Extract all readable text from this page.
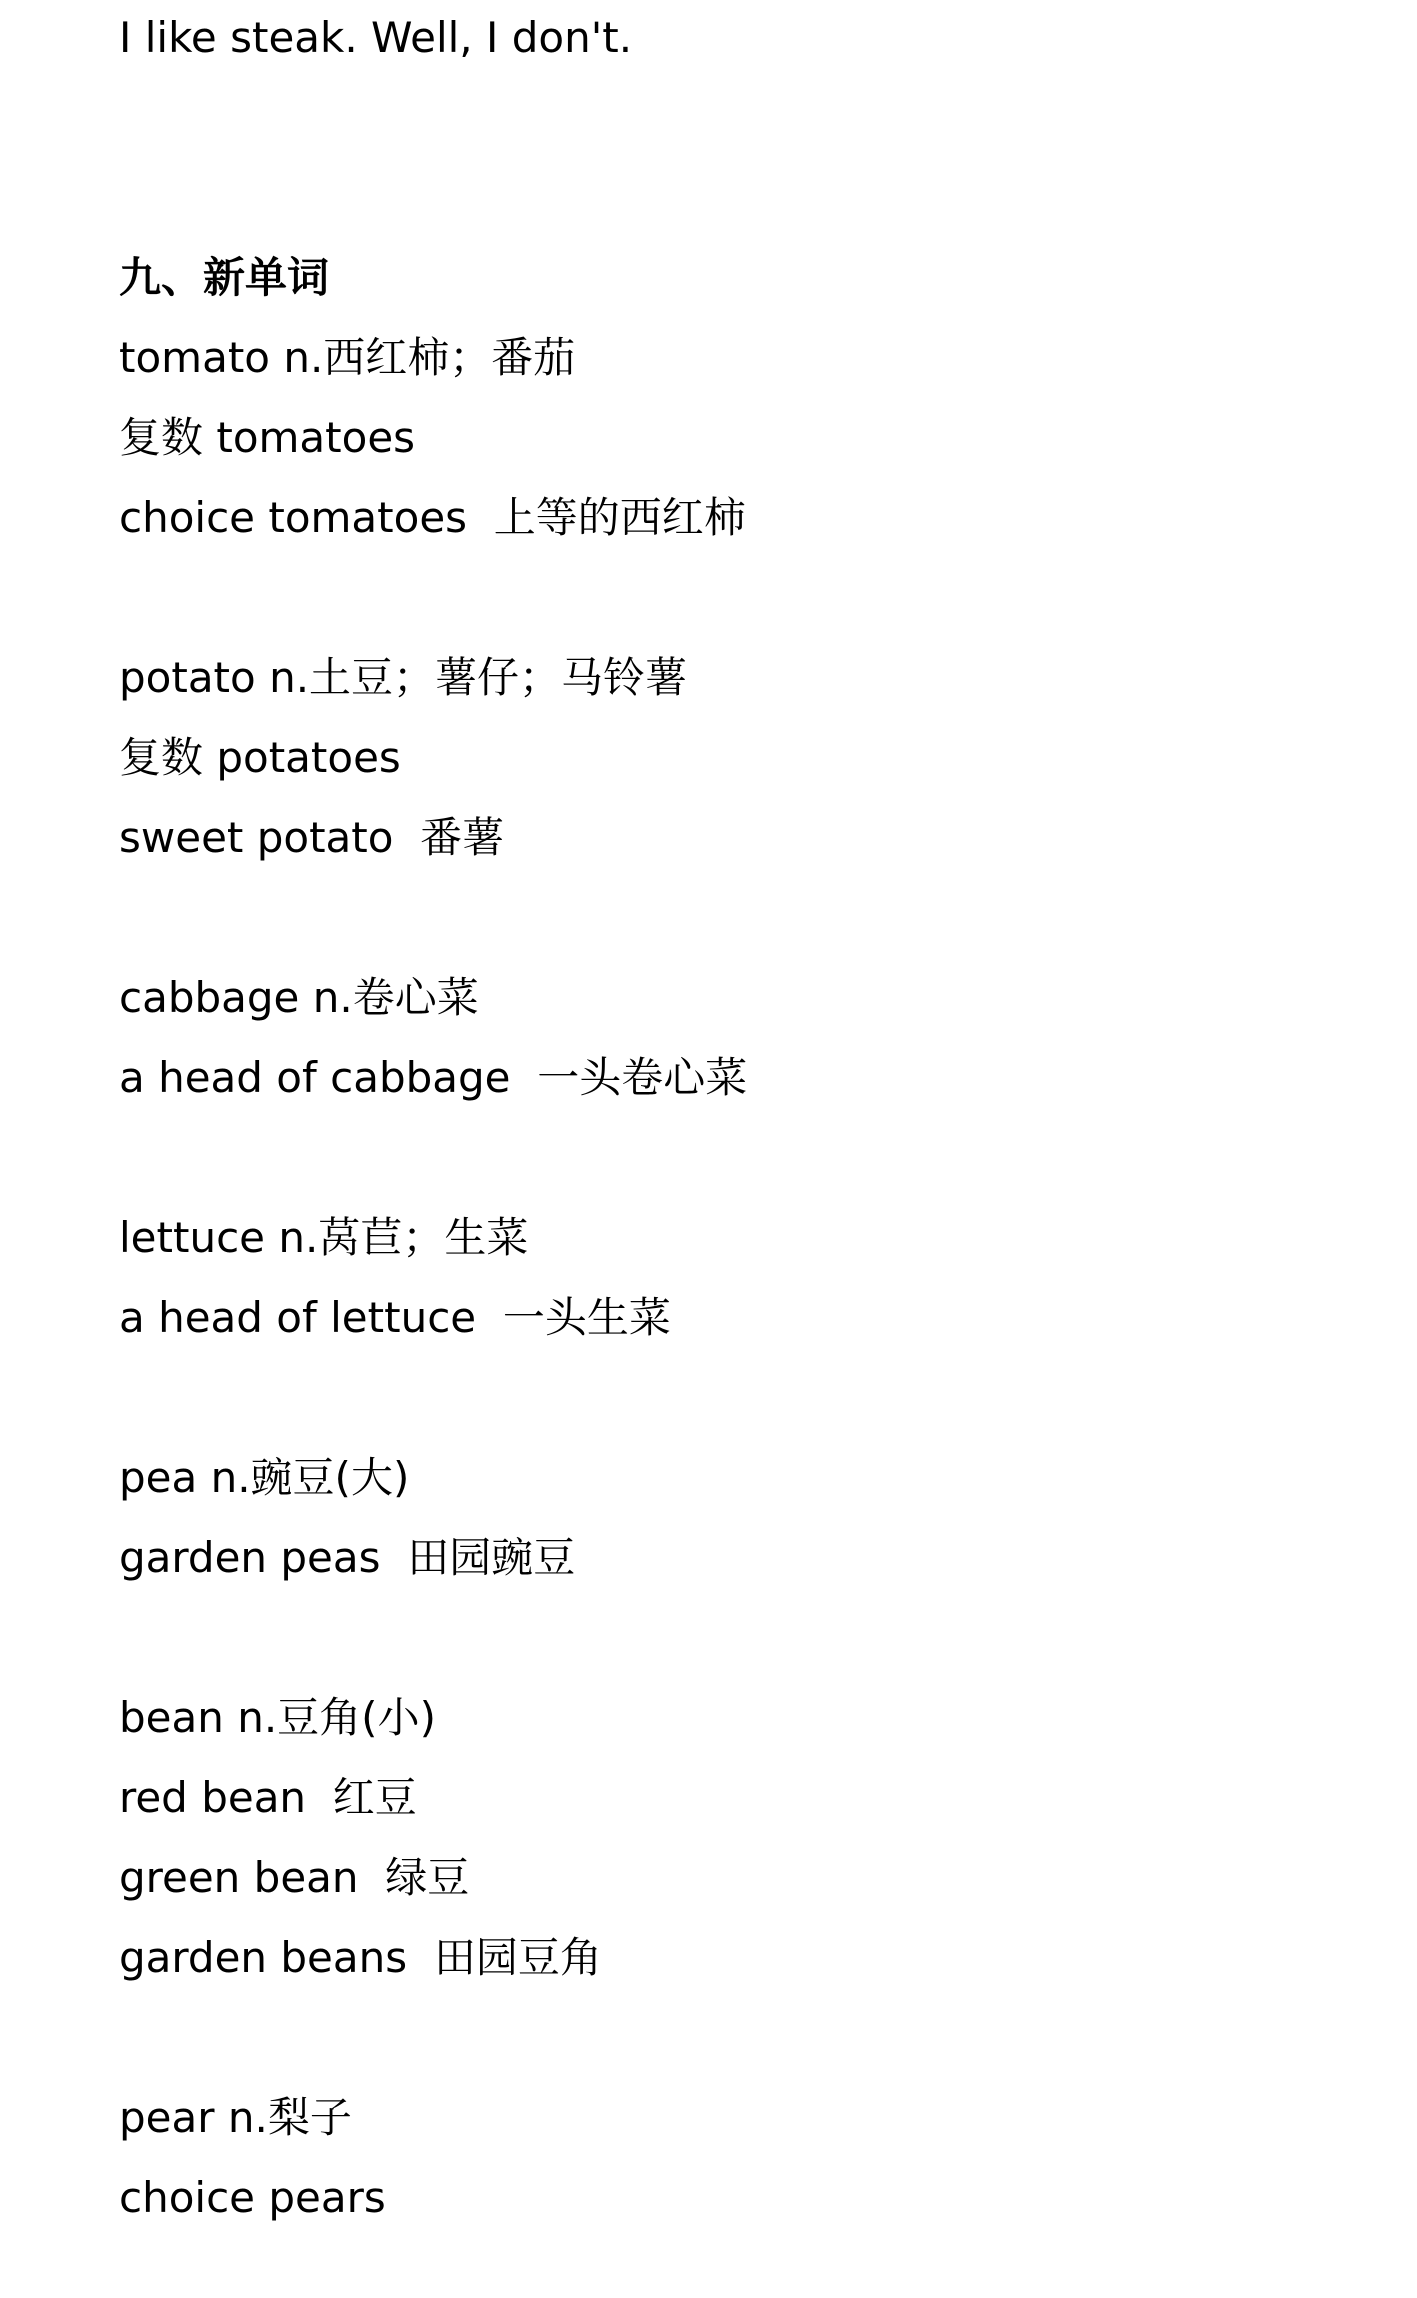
I like steak. Well, I don't.
九、新单词
tomato n.西红柿；番茄
复数 tomatoes
choice tomatoes  上等的西红柿
potato n.土豆；薯仔；马铃薯
复数 potatoes
sweet potato  番薯
cabbage n.卷心菜
a head of cabbage  一头卷心菜
lettuce n.莴苣；生菜
a head of lettuce  一头生菜
pea n.豌豆(大)
garden peas  田园豌豆
bean n.豆角(小)
red bean  红豆
green bean  绿豆
garden beans  田园豆角
pear n.梨子
choice pears
